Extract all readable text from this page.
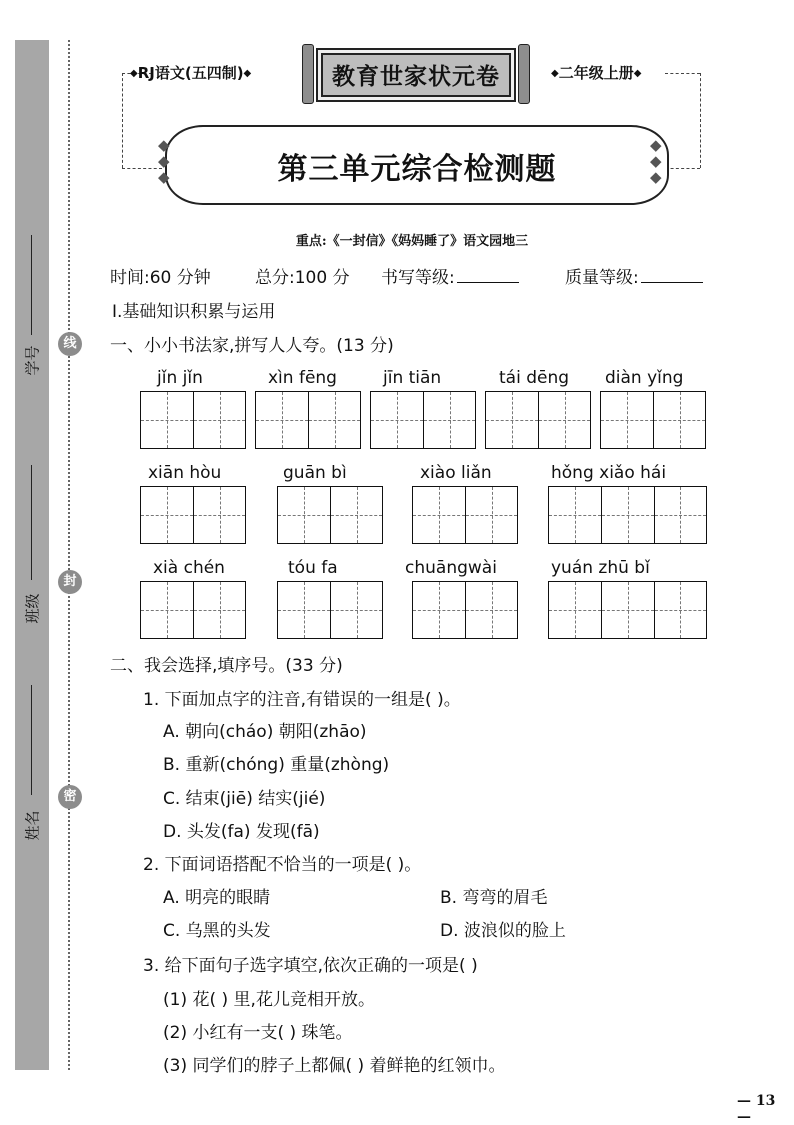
学号
班级
姓名
线
封
密
◆RJ语文(五四制)◆	◆二年级上册◆
教育世家状元卷
◆
◆
◆
◆
◆
◆
第三单元综合检测题
重点:《一封信》《妈妈睡了》语文园地三
时间:60 分钟	总分:100 分 书写等级:	质量等级:
Ⅰ.基础知识积累与运用
一、小小书法家,拼写人人夸。(13 分)
jǐn jǐn	xìn fēng	jīn tiān	tái dēng diàn yǐng
xiān hòu	guān bì	xiào liǎn	hǒng xiǎo hái
xià chén	tóu fa	chuāngwài	yuán zhū bǐ
二、我会选择,填序号。(33 分)
1. 下面加点字的注音,有错误的一组是( )。
A. 朝向(cháo) 朝阳(zhāo)
B. 重新(chóng) 重量(zhòng)
C. 结束(jiē) 结实(jié)
D. 头发(fa) 发现(fā)
2. 下面词语搭配不恰当的一项是( )。
A. 明亮的眼睛	B. 弯弯的眉毛
C. 乌黑的头发	D. 波浪似的脸上
3. 给下面句子选字填空,依次正确的一项是( )
(1) 花( ) 里,花儿竞相开放。
(2) 小红有一支( ) 珠笔。
(3) 同学们的脖子上都佩( ) 着鲜艳的红领巾。
— 13 —
